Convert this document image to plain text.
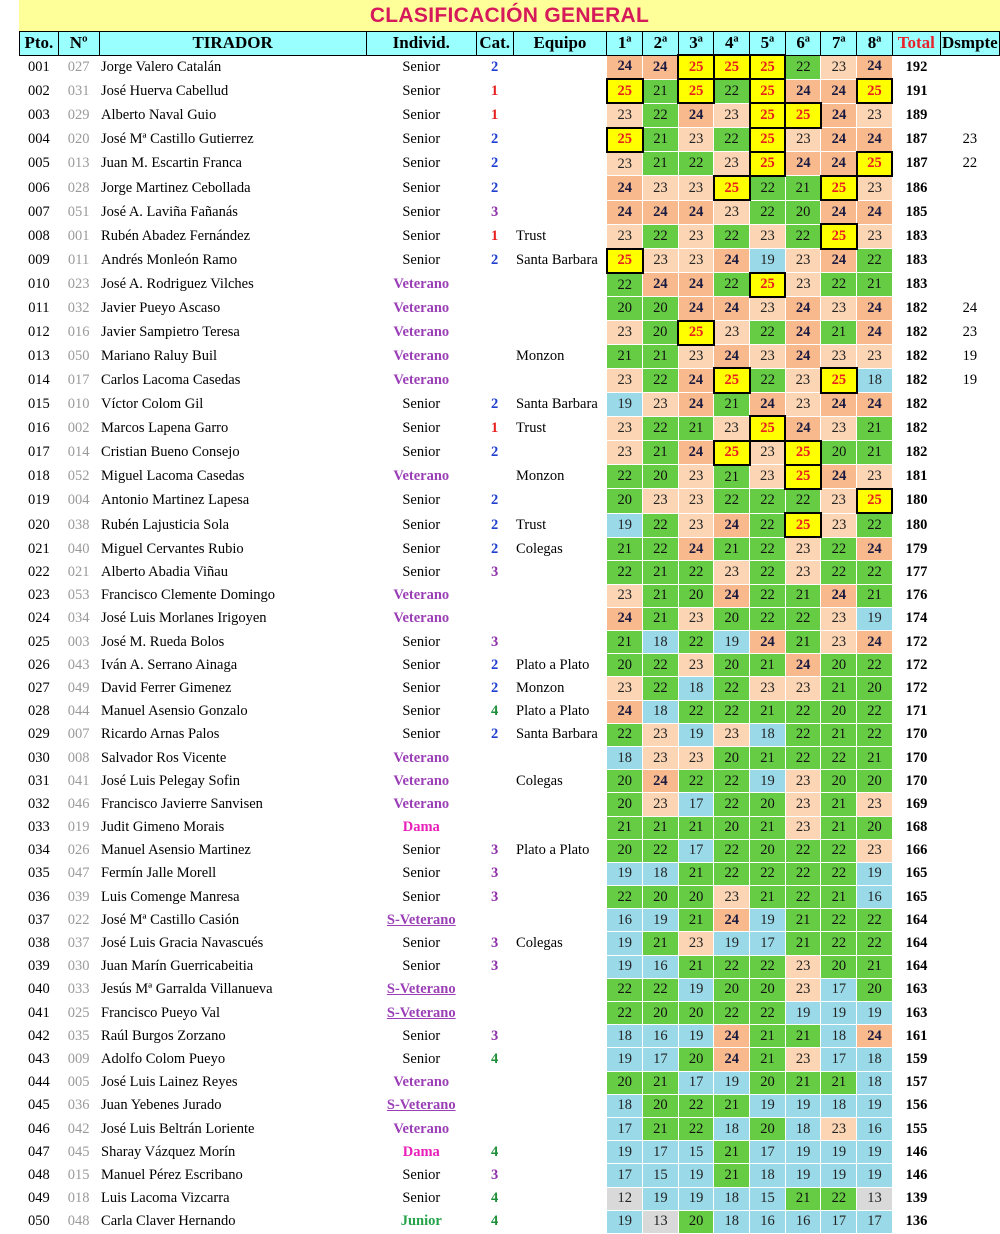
CLASIFICACIÓN GENERAL
Pto.	Nº	TIRADOR	Individ.	Cat.	Equipo	1ª	2ª	3ª	4ª	5ª	6ª	7ª	8ª	Total	Dsmpte
001	027	Jorge Valero Catalán	Senior	2		24	24	25	25	25	22	23	24	192	
002	031	José Huerva Cabellud	Senior	1		25	21	25	22	25	24	24	25	191	
003	029	Alberto Naval Guio	Senior	1		23	22	24	23	25	25	24	23	189	
004	020	José Mª Castillo Gutierrez	Senior	2		25	21	23	22	25	23	24	24	187	23
005	013	Juan M. Escartin Franca	Senior	2		23	21	22	23	25	24	24	25	187	22
006	028	Jorge Martinez Cebollada	Senior	2		24	23	23	25	22	21	25	23	186	
007	051	José A. Laviña Fañanás	Senior	3		24	24	24	23	22	20	24	24	185	
008	001	Rubén Abadez Fernández	Senior	1	Trust	23	22	23	22	23	22	25	23	183	
009	011	Andrés Monleón Ramo	Senior	2	Santa Barbara	25	23	23	24	19	23	24	22	183	
010	023	José A. Rodriguez Vilches	Veterano			22	24	24	22	25	23	22	21	183	
011	032	Javier Pueyo Ascaso	Veterano			20	20	24	24	23	24	23	24	182	24
012	016	Javier Sampietro Teresa	Veterano			23	20	25	23	22	24	21	24	182	23
013	050	Mariano Raluy Buil	Veterano		Monzon	21	21	23	24	23	24	23	23	182	19
014	017	Carlos Lacoma Casedas	Veterano			23	22	24	25	22	23	25	18	182	19
015	010	Víctor Colom Gil	Senior	2	Santa Barbara	19	23	24	21	24	23	24	24	182	
016	002	Marcos Lapena Garro	Senior	1	Trust	23	22	21	23	25	24	23	21	182	
017	014	Cristian Bueno Consejo	Senior	2		23	21	24	25	23	25	20	21	182	
018	052	Miguel Lacoma Casedas	Veterano		Monzon	22	20	23	21	23	25	24	23	181	
019	004	Antonio Martinez Lapesa	Senior	2		20	23	23	22	22	22	23	25	180	
020	038	Rubén Lajusticia Sola	Senior	2	Trust	19	22	23	24	22	25	23	22	180	
021	040	Miguel Cervantes Rubio	Senior	2	Colegas	21	22	24	21	22	23	22	24	179	
022	021	Alberto Abadia Viñau	Senior	3		22	21	22	23	22	23	22	22	177	
023	053	Francisco Clemente Domingo	Veterano			23	21	20	24	22	21	24	21	176	
024	034	José Luis Morlanes Irigoyen	Veterano			24	21	23	20	22	22	23	19	174	
025	003	José M. Rueda Bolos	Senior	3		21	18	22	19	24	21	23	24	172	
026	043	Iván A. Serrano Ainaga	Senior	2	Plato a Plato	20	22	23	20	21	24	20	22	172	
027	049	David Ferrer Gimenez	Senior	2	Monzon	23	22	18	22	23	23	21	20	172	
028	044	Manuel Asensio Gonzalo	Senior	4	Plato a Plato	24	18	22	22	21	22	20	22	171	
029	007	Ricardo Arnas Palos	Senior	2	Santa Barbara	22	23	19	23	18	22	21	22	170	
030	008	Salvador Ros Vicente	Veterano			18	23	23	20	21	22	22	21	170	
031	041	José Luis Pelegay Sofin	Veterano		Colegas	20	24	22	22	19	23	20	20	170	
032	046	Francisco Javierre Sanvisen	Veterano			20	23	17	22	20	23	21	23	169	
033	019	Judit Gimeno Morais	Dama			21	21	21	20	21	23	21	20	168	
034	026	Manuel Asensio Martinez	Senior	3	Plato a Plato	20	22	17	22	20	22	22	23	166	
035	047	Fermín Jalle Morell	Senior	3		19	18	21	22	22	22	22	19	165	
036	039	Luis Comenge Manresa	Senior	3		22	20	20	23	21	22	21	16	165	
037	022	José Mª Castillo Casión	S-Veterano			16	19	21	24	19	21	22	22	164	
038	037	José Luis Gracia Navascués	Senior	3	Colegas	19	21	23	19	17	21	22	22	164	
039	030	Juan Marín Guerricabeitia	Senior	3		19	16	21	22	22	23	20	21	164	
040	033	Jesús Mª Garralda Villanueva	S-Veterano			22	22	19	20	20	23	17	20	163	
041	025	Francisco Pueyo Val	S-Veterano			22	20	20	22	22	19	19	19	163	
042	035	Raúl Burgos Zorzano	Senior	3		18	16	19	24	21	21	18	24	161	
043	009	Adolfo Colom Pueyo	Senior	4		19	17	20	24	21	23	17	18	159	
044	005	José Luis Lainez Reyes	Veterano			20	21	17	19	20	21	21	18	157	
045	036	Juan Yebenes Jurado	S-Veterano			18	20	22	21	19	19	18	19	156	
046	042	José Luis Beltrán Loriente	Veterano			17	21	22	18	20	18	23	16	155	
047	045	Sharay Vázquez Morín	Dama	4		19	17	15	21	17	19	19	19	146	
048	015	Manuel Pérez Escribano	Senior	3		17	15	19	21	18	19	19	19	146	
049	018	Luis Lacoma Vizcarra	Senior	4		12	19	19	18	15	21	22	13	139	
050	048	Carla Claver Hernando	Junior	4		19	13	20	18	16	16	17	17	136	
